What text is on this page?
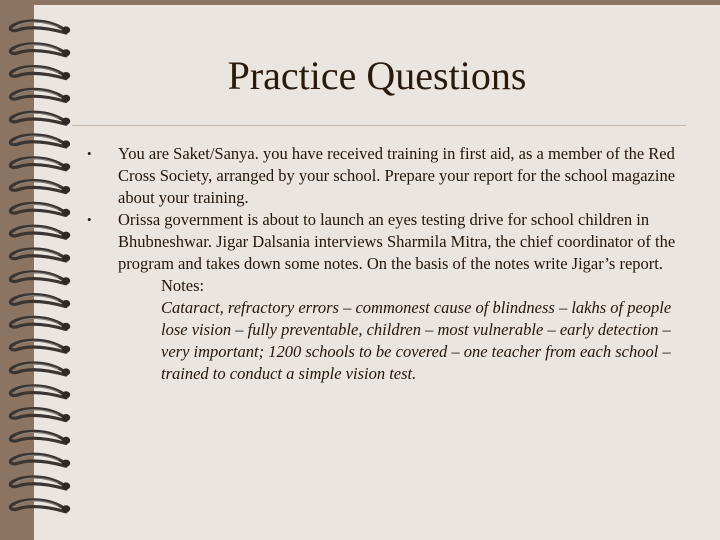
Practice Questions
• You are Saket/Sanya. you have received training in first aid, as a member of the Red Cross Society, arranged by your school. Prepare your report for the school magazine about your training.
• Orissa government is about to launch an eyes testing drive for school children in Bhubneshwar. Jigar Dalsania interviews Sharmila Mitra, the chief coordinator of the program and takes down some notes. On the basis of the notes write Jigar’s report.
Notes:
Cataract, refractory errors – commonest cause of blindness – lakhs of people lose vision – fully preventable, children – most vulnerable – early detection – very important; 1200 schools to be covered – one teacher from each school – trained to conduct a simple vision test.
